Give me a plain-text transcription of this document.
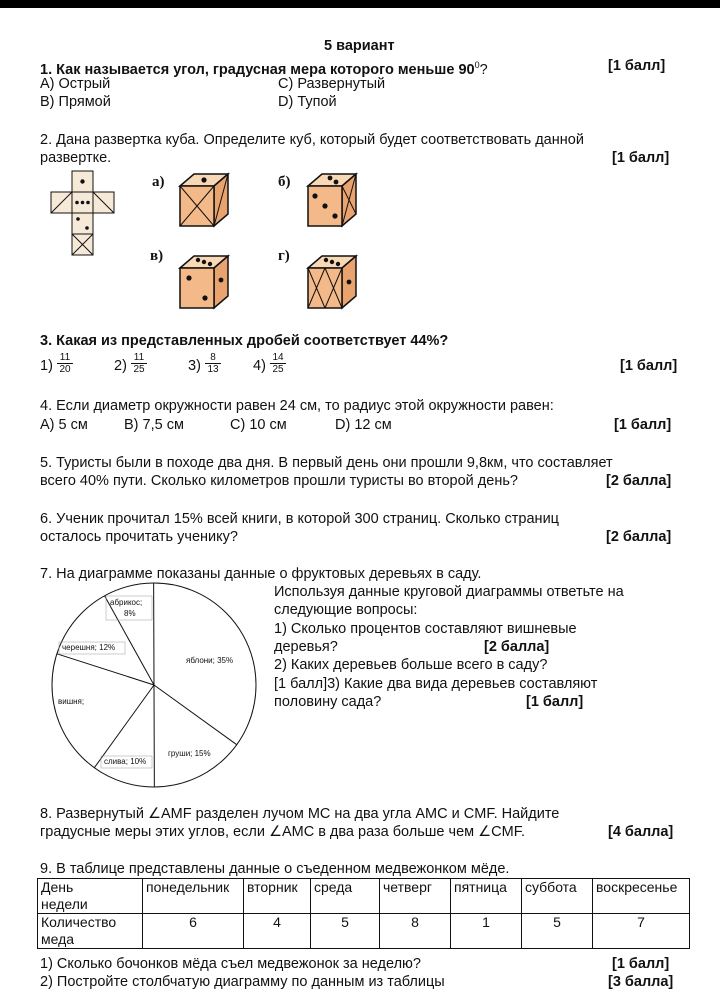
5 вариант
1. Как называется угол, градусная мера которого меньше $90^0$?	[1 балл]
A) Острый
B) Прямой
C) Развернутый
D) Тупой
2. Дана развертка куба. Определите куб, который будет соответствовать данной
развертке.	[1 балл]
а)	б)
в)	г)
3. Какая из представленных дробей соответствует 44%?
[1 балл]
$1) \frac{11}{20}$	$2) \frac{11}{25}$	$3) \frac{8}{13} 4) \frac{14}{25}$
4. Если диаметр окружности равен 24 см, то радиус этой окружности равен:
[1 балл]
A) 5 см B) 7,5 см	C) 10 см	D) 12 см
5. Туристы были в походе два дня. В первый день они прошли 9,8км, что составляет
всего 40% пути. Сколько километров прошли туристы во второй день?	[2 балла]
6. Ученик прочитал 15% всей книги, в которой 300 страниц. Сколько страниц
осталось прочитать ученику?	[2 балла]
7. На диаграмме показаны данные о фруктовых деревьях в саду.
Используя данные круговой диаграммы ответьте на
следующие вопросы:
1) Сколько процентов составляют вишневые
деревья?	[2 балла]
2) Каких деревьев больше всего в саду?
[1 балл]3) Какие два вида деревьев составляют
половину сада?	[1 балл]
абрикос; 8%
яблони; 35%
груши; 15%
слива; 10%
вишня;
черешня; 12%
8. Развернутый ∠AMF разделен лучом MC на два угла AMC и CMF. Найдите
градусные меры этих углов, если ∠AMC в два раза больше чем ∠CMF.	[4 балла]
9. В таблице представлены данные о съеденном медвежонком мёде.
День
недели	понедельник	вторник	среда	четверг	пятница	суббота	воскресенье
Количество
меда	6	4	5	8	1	5	7
1) Сколько бочонков мёда съел медвежонок за неделю?	[1 балл]
2) Постройте столбчатую диаграмму по данным из таблицы	[3 балла]
